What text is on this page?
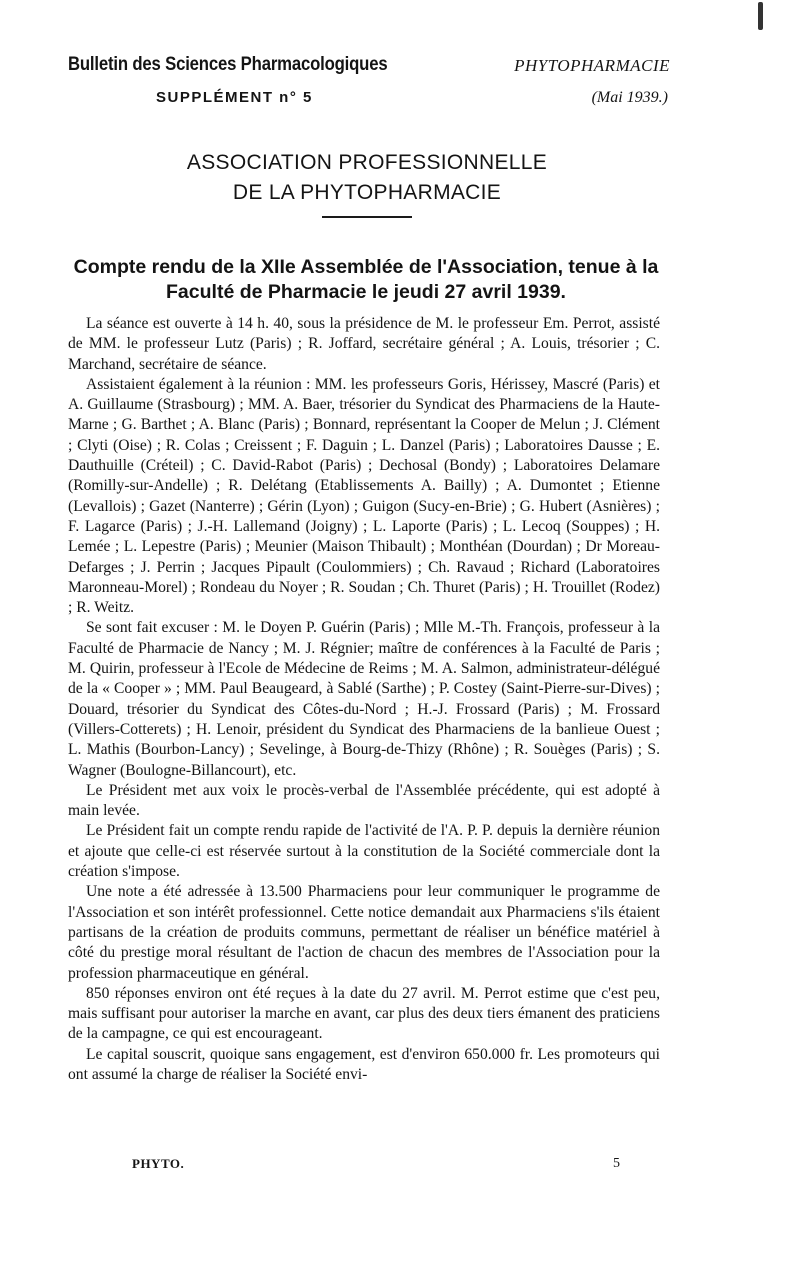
Bulletin des Sciences Pharmacologiques
SUPPLÉMENT n° 5
PHYTOPHARMACIE
(Mai 1939.)
ASSOCIATION PROFESSIONNELLE
DE LA PHYTOPHARMACIE
Compte rendu de la XIIe Assemblée de l'Association, tenue à la Faculté de Pharmacie le jeudi 27 avril 1939.

La séance est ouverte à 14 h. 40, sous la présidence de M. le professeur Em. Perrot, assisté de MM. le professeur Lutz (Paris) ; R. Joffard, secrétaire général ; A. Louis, trésorier ; C. Marchand, secrétaire de séance.

Assistaient également à la réunion : MM. les professeurs Goris, Hérissey, Mascré (Paris) et A. Guillaume (Strasbourg) ; MM. A. Baer, trésorier du Syndicat des Pharmaciens de la Haute-Marne ; G. Barthet ; A. Blanc (Paris) ; Bonnard, représentant la Cooper de Melun ; J. Clément ; Clyti (Oise) ; R. Colas ; Creissent ; F. Daguin ; L. Danzel (Paris) ; Laboratoires Dausse ; E. Dauthuille (Créteil) ; C. David-Rabot (Paris) ; Dechosal (Bondy) ; Laboratoires Delamare (Romilly-sur-Andelle) ; R. Delétang (Etablissements A. Bailly) ; A. Dumontet ; Etienne (Levallois) ; Gazet (Nanterre) ; Gérin (Lyon) ; Guigon (Sucy-en-Brie) ; G. Hubert (Asnières) ; F. Lagarce (Paris) ; J.-H. Lallemand (Joigny) ; L. Laporte (Paris) ; L. Lecoq (Souppes) ; H. Lemée ; L. Lepestre (Paris) ; Meunier (Maison Thibault) ; Monthéan (Dourdan) ; Dr Moreau-Defarges ; J. Perrin ; Jacques Pipault (Coulommiers) ; Ch. Ravaud ; Richard (Laboratoires Maronneau-Morel) ; Rondeau du Noyer ; R. Soudan ; Ch. Thuret (Paris) ; H. Trouillet (Rodez) ; R. Weitz.

Se sont fait excuser : M. le Doyen P. Guérin (Paris) ; Mlle M.-Th. François, professeur à la Faculté de Pharmacie de Nancy ; M. J. Régnier; maître de conférences à la Faculté de Paris ; M. Quirin, professeur à l'Ecole de Médecine de Reims ; M. A. Salmon, administrateur-délégué de la « Cooper » ; MM. Paul Beaugeard, à Sablé (Sarthe) ; P. Costey (Saint-Pierre-sur-Dives) ; Douard, trésorier du Syndicat des Côtes-du-Nord ; H.-J. Frossard (Paris) ; M. Frossard (Villers-Cotterets) ; H. Lenoir, président du Syndicat des Pharmaciens de la banlieue Ouest ; L. Mathis (Bourbon-Lancy) ; Sevelinge, à Bourg-de-Thizy (Rhône) ; R. Souèges (Paris) ; S. Wagner (Boulogne-Billancourt), etc.

Le Président met aux voix le procès-verbal de l'Assemblée précédente, qui est adopté à main levée.

Le Président fait un compte rendu rapide de l'activité de l'A. P. P. depuis la dernière réunion et ajoute que celle-ci est réservée surtout à la constitution de la Société commerciale dont la création s'impose.

Une note a été adressée à 13.500 Pharmaciens pour leur communiquer le programme de l'Association et son intérêt professionnel. Cette notice demandait aux Pharmaciens s'ils étaient partisans de la création de produits communs, permettant de réaliser un bénéfice matériel à côté du prestige moral résultant de l'action de chacun des membres de l'Association pour la profession pharmaceutique en général.

850 réponses environ ont été reçues à la date du 27 avril. M. Perrot estime que c'est peu, mais suffisant pour autoriser la marche en avant, car plus des deux tiers émanent des praticiens de la campagne, ce qui est encourageant.

Le capital souscrit, quoique sans engagement, est d'environ 650.000 fr. Les promoteurs qui ont assumé la charge de réaliser la Société envi-

PHYTO.	5
